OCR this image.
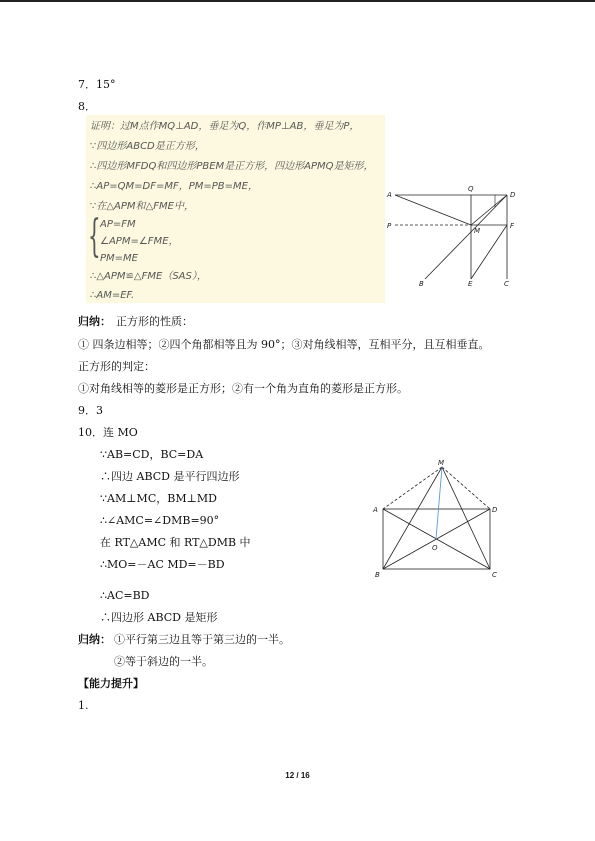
7．15°
8．
证明：过M点作MQ⊥AD，垂足为Q，作MP⊥AB，垂足为P，
∵四边形ABCD是正方形，
∴四边形MFDQ和四边形PBEM是正方形，四边形APMQ是矩形，
∴AP=QM=DF=MF，PM=PB=ME，
∵在△APM和△FME中，
{ AP=FM
∠APM=∠FME，
PM=ME
∴△APM≌△FME（SAS），
∴AM=EF.
A
Q
D
P
M
F
B	E	C
归纳： 正方形的性质：
① 四条边相等；②四个角都相等且为 90°；③对角线相等，互相平分，且互相垂直。
正方形的判定：
①对角线相等的菱形是正方形；②有一个角为直角的菱形是正方形。
9．3
10．连 MO
∵AB=CD，BC=DA
∴四边 ABCD 是平行四边形
∵AM⊥MC，BM⊥MD
∴∠AMC=∠DMB=90°
在 RT△AMC 和 RT△DMB 中
∴MO=－AC MD=－BD
∴AC=BD
∴四边形 ABCD 是矩形
M
A	D
O
B	C
归纳： ①平行第三边且等于第三边的一半。
②等于斜边的一半。
【能力提升】
1.
12 / 16
